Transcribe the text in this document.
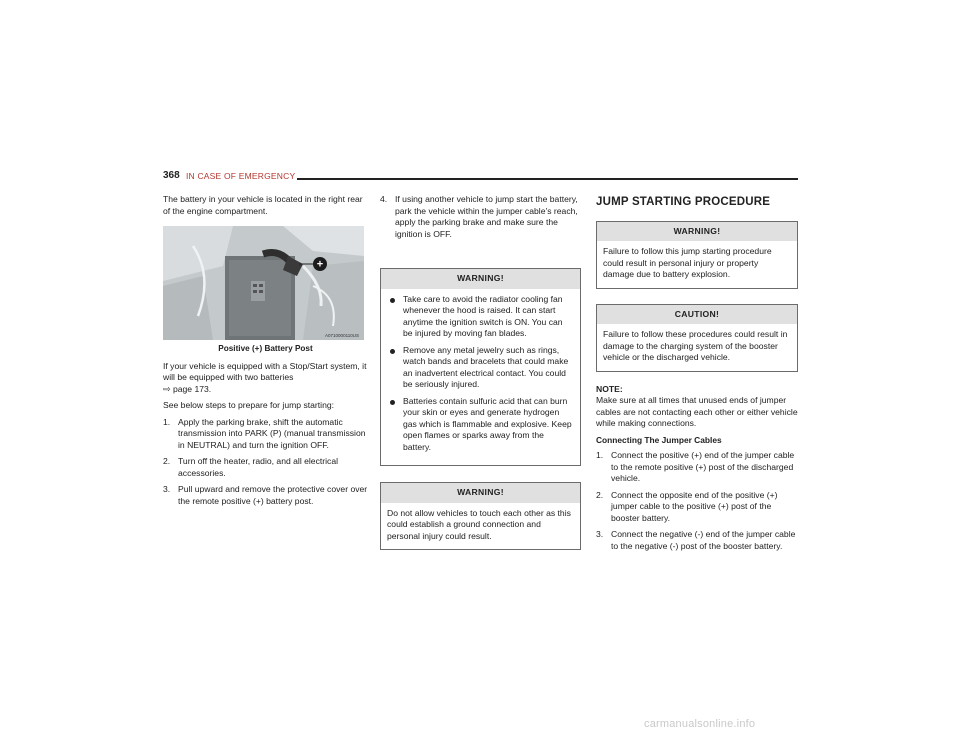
368 IN CASE OF EMERGENCY

The battery in your vehicle is located in the right rear of the engine compartment.

+
A0710000110US
Positive (+) Battery Post

If your vehicle is equipped with a Stop/Start system, it will be equipped with two batteries
⇨ page 173.

See below steps to prepare for jump starting:

1. Apply the parking brake, shift the automatic transmission into PARK (P) (manual transmission in NEUTRAL) and turn the ignition OFF.
2. Turn off the heater, radio, and all electrical accessories.
3. Pull upward and remove the protective cover over the remote positive (+) battery post.
4. If using another vehicle to jump start the battery, park the vehicle within the jumper cable’s reach, apply the parking brake and make sure the ignition is OFF.
WARNING!
Take care to avoid the radiator cooling fan whenever the hood is raised. It can start anytime the ignition switch is ON. You can be injured by moving fan blades.
Remove any metal jewelry such as rings, watch bands and bracelets that could make an inadvertent electrical contact. You could be seriously injured.
Batteries contain sulfuric acid that can burn your skin or eyes and generate hydrogen gas which is flammable and explosive. Keep open flames or sparks away from the battery.
WARNING!

Do not allow vehicles to touch each other as this could establish a ground connection and personal injury could result.

JUMP STARTING PROCEDURE
WARNING!

Failure to follow this jump starting procedure could result in personal injury or property damage due to battery explosion.

CAUTION!

Failure to follow these procedures could result in damage to the charging system of the booster vehicle or the discharged vehicle.

NOTE:

Make sure at all times that unused ends of jumper cables are not contacting each other or either vehicle while making connections.

Connecting The Jumper Cables
1. Connect the positive (+) end of the jumper cable to the remote positive (+) post of the discharged vehicle.
2. Connect the opposite end of the positive (+) jumper cable to the positive (+) post of the booster battery.
3. Connect the negative (-) end of the jumper cable to the negative (-) post of the booster battery.
carmanualsonline.info
